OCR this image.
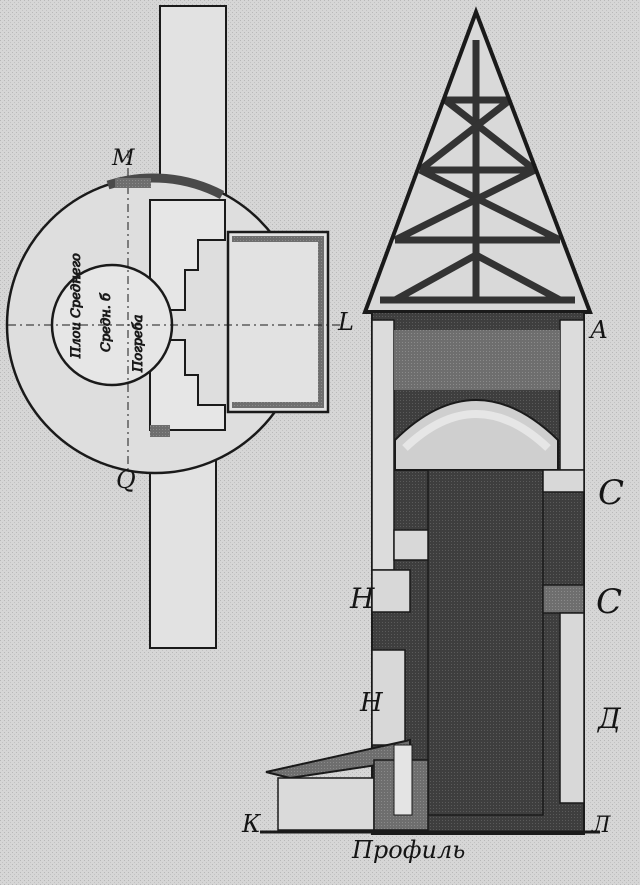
Плои Среднего Средн. б Погреба
М
L
Q
А
С
С
Н
Н	Д
К	Л
Профиль
